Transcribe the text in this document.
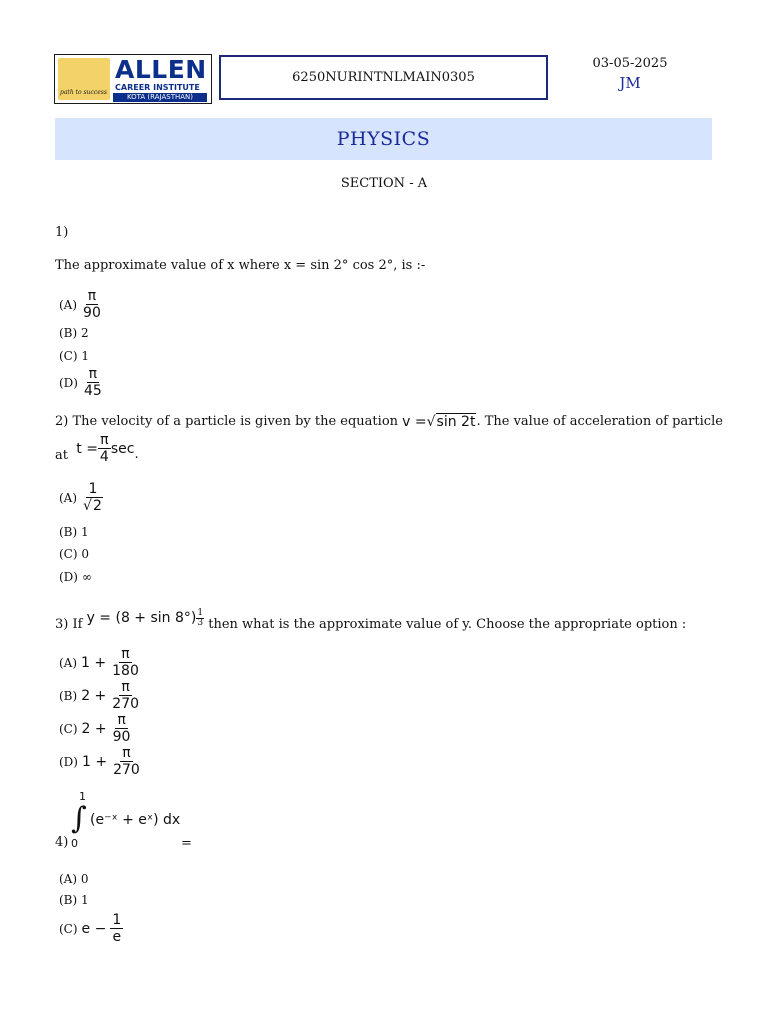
ALLEN
CAREER INSTITUTE
KOTA (RAJASTHAN)
path to success
6250NURINTNLMAIN0305
03-05-2025
JM
PHYSICS
SECTION - A
1)
The approximate value of x where x = sin 2° cos 2°, is :-
$(A) \frac{\pi}{90}$
(B) 2
(C) 1
$(D) \frac{\pi}{45}$
2) The velocity of a particle is given by the equation
v = √ sin 2t . The value of acceleration of particle
at
$t = \frac{\pi}{4}$ sec .
$(A) \frac{1}{√2}$
(B) 1
(C) 0
(D) ∞
3) If
$y = (8 + \sin 8^\circ) \frac{1}{3}$
then what is the approximate value of y. Choose the appropriate option :
(A) $1 + \frac{\pi}{180}$
(B) $2 + \frac{\pi}{270}$
(C) $2 + \frac{\pi}{90}$
(D) $1 + \frac{\pi}{270}$
4)
1
∫
0
(e⁻ˣ + eˣ) dx
=
(A) 0
(B) 1
(C) $e - \frac{1}{e}$
